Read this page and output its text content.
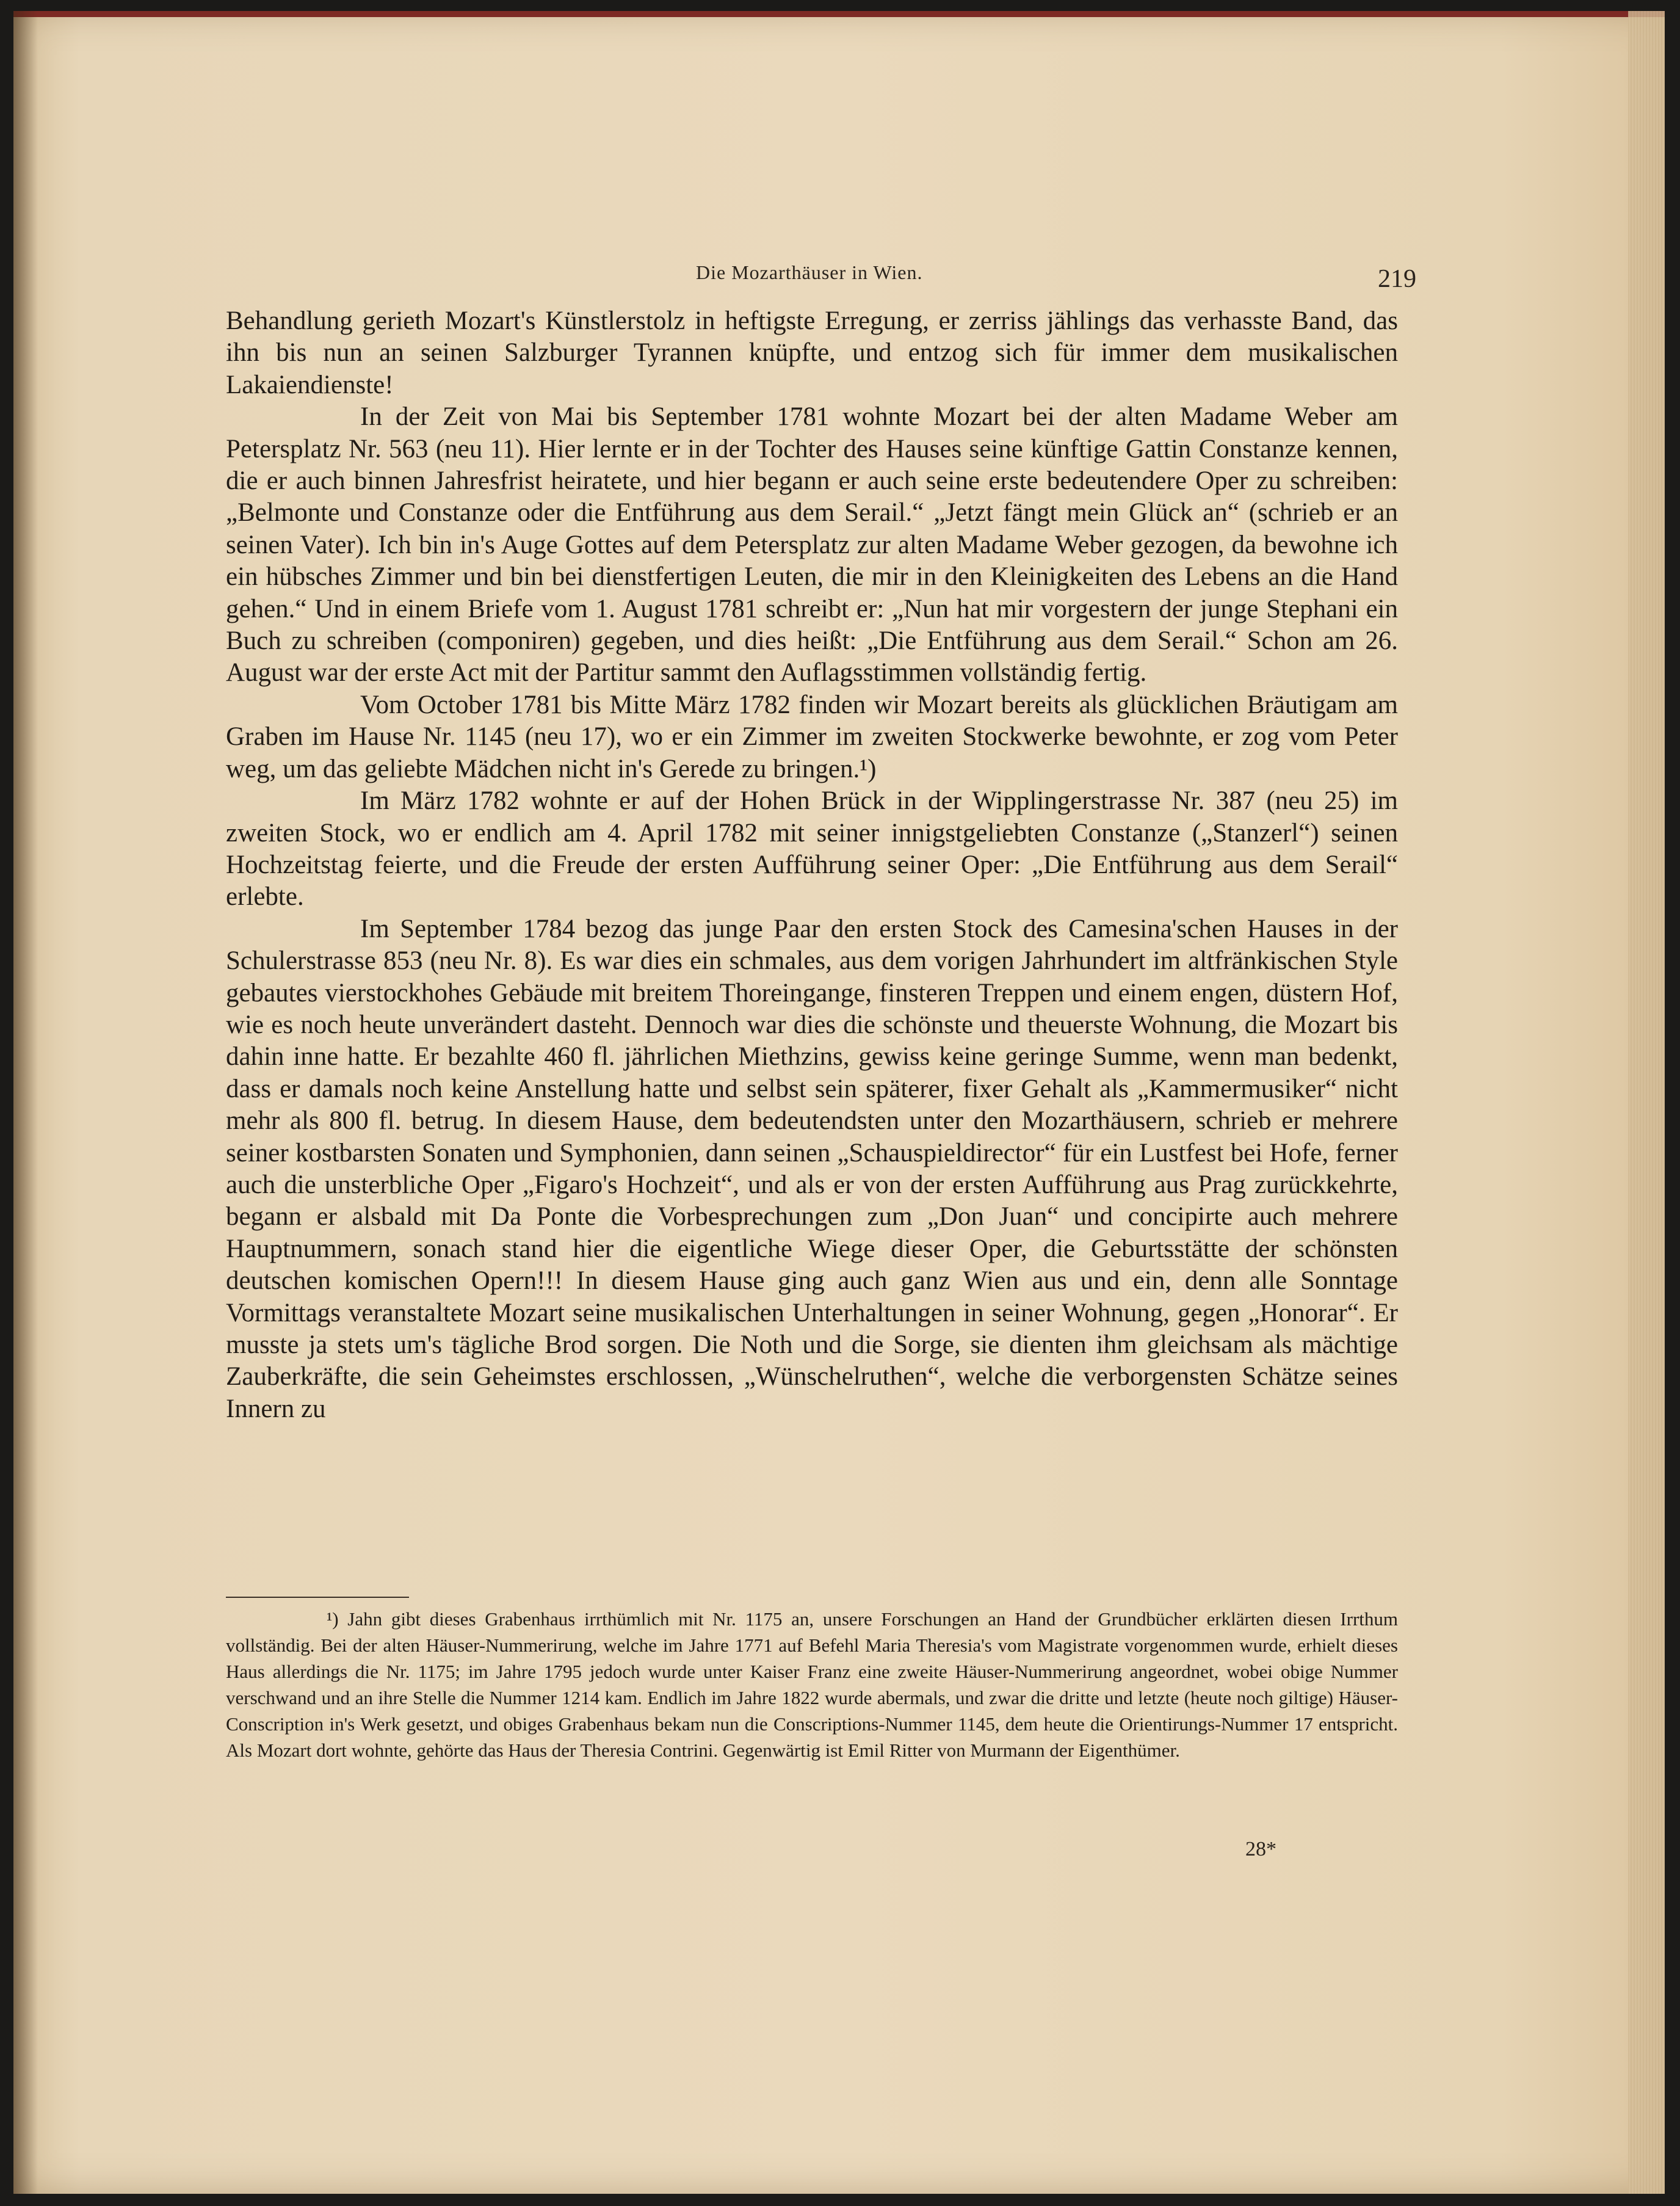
Die Mozarthäuser in Wien.	219

Behandlung gerieth Mozart's Künstlerstolz in heftigste Erregung, er zerriss jählings das verhasste Band, das ihn bis nun an seinen Salzburger Tyrannen knüpfte, und entzog sich für immer dem musikalischen Lakaiendienste!

In der Zeit von Mai bis September 1781 wohnte Mozart bei der alten Madame Weber am Petersplatz Nr. 563 (neu 11). Hier lernte er in der Tochter des Hauses seine künftige Gattin Constanze kennen, die er auch binnen Jahresfrist heiratete, und hier begann er auch seine erste bedeutendere Oper zu schreiben: „Belmonte und Constanze oder die Entführung aus dem Serail.“ „Jetzt fängt mein Glück an“ (schrieb er an seinen Vater). Ich bin in's Auge Gottes auf dem Petersplatz zur alten Madame Weber gezogen, da bewohne ich ein hübsches Zimmer und bin bei dienstfertigen Leuten, die mir in den Kleinigkeiten des Lebens an die Hand gehen.“ Und in einem Briefe vom 1. August 1781 schreibt er: „Nun hat mir vorgestern der junge Stephani ein Buch zu schreiben (componiren) gegeben, und dies heißt: „Die Entführung aus dem Serail.“ Schon am 26. August war der erste Act mit der Partitur sammt den Auflagsstimmen vollständig fertig.

Vom October 1781 bis Mitte März 1782 finden wir Mozart bereits als glücklichen Bräutigam am Graben im Hause Nr. 1145 (neu 17), wo er ein Zimmer im zweiten Stockwerke bewohnte, er zog vom Peter weg, um das geliebte Mädchen nicht in's Gerede zu bringen.¹)

Im März 1782 wohnte er auf der Hohen Brück in der Wipplingerstrasse Nr. 387 (neu 25) im zweiten Stock, wo er endlich am 4. April 1782 mit seiner innigstgeliebten Constanze („Stanzerl“) seinen Hochzeitstag feierte, und die Freude der ersten Aufführung seiner Oper: „Die Entführung aus dem Serail“ erlebte.

Im September 1784 bezog das junge Paar den ersten Stock des Camesina'schen Hauses in der Schulerstrasse 853 (neu Nr. 8). Es war dies ein schmales, aus dem vorigen Jahrhundert im altfränkischen Style gebautes vierstockhohes Gebäude mit breitem Thoreingange, finsteren Treppen und einem engen, düstern Hof, wie es noch heute unverändert dasteht. Dennoch war dies die schönste und theuerste Wohnung, die Mozart bis dahin inne hatte. Er bezahlte 460 fl. jährlichen Miethzins, gewiss keine geringe Summe, wenn man bedenkt, dass er damals noch keine Anstellung hatte und selbst sein späterer, fixer Gehalt als „Kammermusiker“ nicht mehr als 800 fl. betrug. In diesem Hause, dem bedeutendsten unter den Mozarthäusern, schrieb er mehrere seiner kostbarsten Sonaten und Symphonien, dann seinen „Schauspieldirector“ für ein Lustfest bei Hofe, ferner auch die unsterbliche Oper „Figaro's Hochzeit“, und als er von der ersten Aufführung aus Prag zurückkehrte, begann er alsbald mit Da Ponte die Vorbesprechungen zum „Don Juan“ und concipirte auch mehrere Hauptnummern, sonach stand hier die eigentliche Wiege dieser Oper, die Geburtsstätte der schönsten deutschen komischen Opern!!! In diesem Hause ging auch ganz Wien aus und ein, denn alle Sonntage Vormittags veranstaltete Mozart seine musikalischen Unterhaltungen in seiner Wohnung, gegen „Honorar“. Er musste ja stets um's tägliche Brod sorgen. Die Noth und die Sorge, sie dienten ihm gleichsam als mächtige Zauberkräfte, die sein Geheimstes erschlossen, „Wünschelruthen“, welche die verborgensten Schätze seines Innern zu

¹) Jahn gibt dieses Grabenhaus irrthümlich mit Nr. 1175 an, unsere Forschungen an Hand der Grundbücher erklärten diesen Irrthum vollständig. Bei der alten Häuser-Nummerirung, welche im Jahre 1771 auf Befehl Maria Theresia's vom Magistrate vorgenommen wurde, erhielt dieses Haus allerdings die Nr. 1175; im Jahre 1795 jedoch wurde unter Kaiser Franz eine zweite Häuser-Nummerirung angeordnet, wobei obige Nummer verschwand und an ihre Stelle die Nummer 1214 kam. Endlich im Jahre 1822 wurde abermals, und zwar die dritte und letzte (heute noch giltige) Häuser-Conscription in's Werk gesetzt, und obiges Grabenhaus bekam nun die Conscriptions-Nummer 1145, dem heute die Orientirungs-Nummer 17 entspricht. Als Mozart dort wohnte, gehörte das Haus der Theresia Contrini. Gegenwärtig ist Emil Ritter von Murmann der Eigenthümer.

28*
